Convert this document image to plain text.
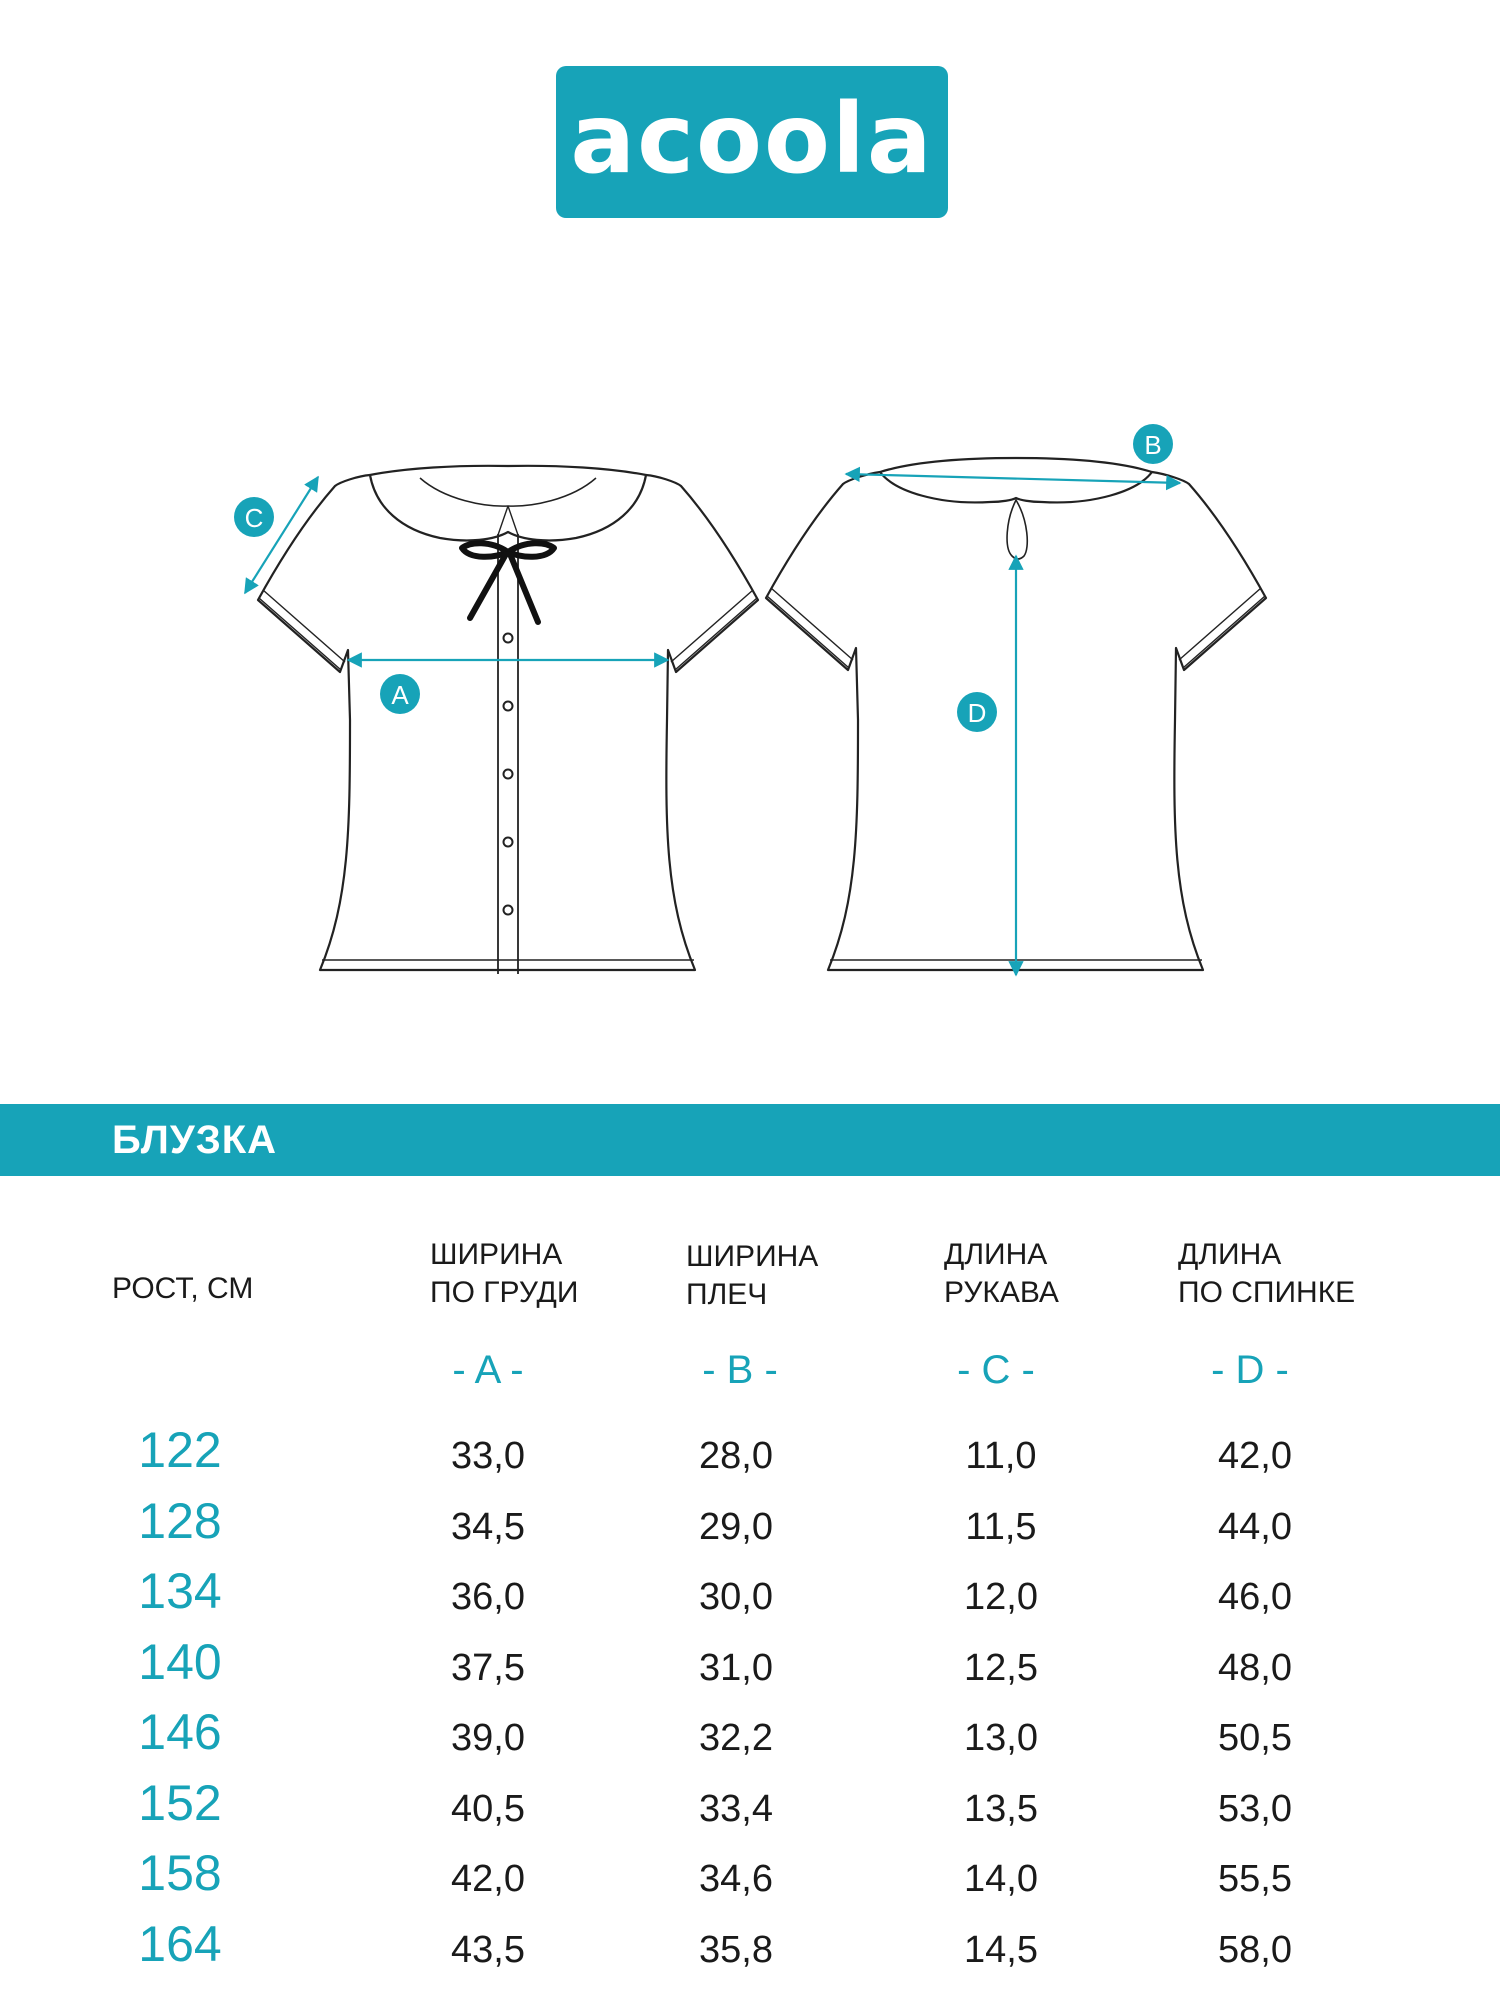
acoola
C
A
B
D
БЛУЗКА
РОСТ, СМ
ШИРИНА
ПО ГРУДИ
ШИРИНА
ПЛЕЧ
ДЛИНА
РУКАВА
ДЛИНА
ПО СПИНКЕ
- A -	- B -	- C -	- D -
122	33,0	28,0	11,0	42,0
128	34,5	29,0	11,5	44,0
134	36,0	30,0	12,0	46,0
140	37,5	31,0	12,5	48,0
146	39,0	32,2	13,0	50,5
152	40,5	33,4	13,5	53,0
158	42,0	34,6	14,0	55,5
164	43,5	35,8	14,5	58,0
